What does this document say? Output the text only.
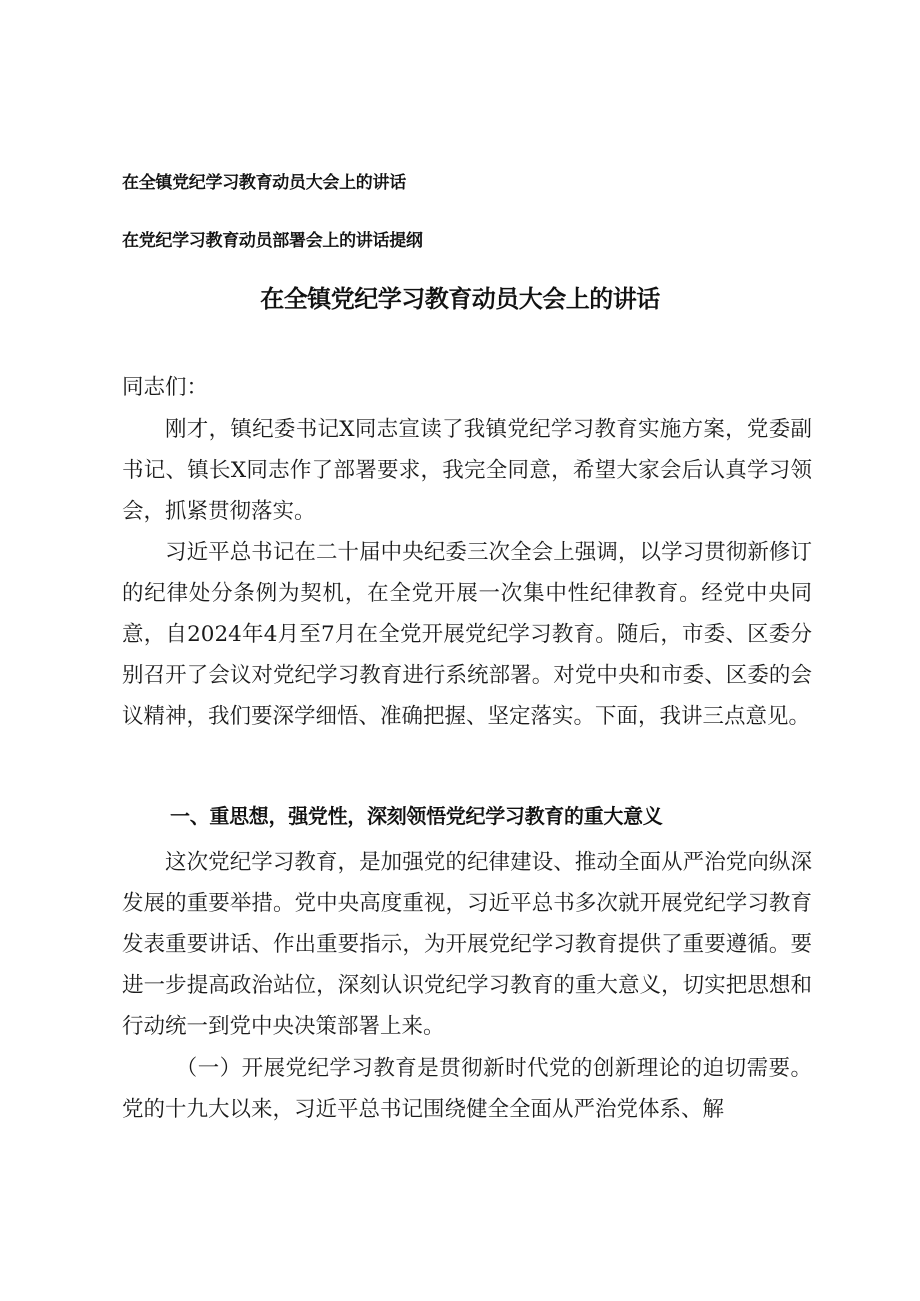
在全镇党纪学习教育动员大会上的讲话
在党纪学习教育动员部署会上的讲话提纲
在全镇党纪学习教育动员大会上的讲话

同志们：

刚才，镇纪委书记X同志宣读了我镇党纪学习教育实施方案，党委副书记、镇长X同志作了部署要求，我完全同意，希望大家会后认真学习领会，抓紧贯彻落实。

习近平总书记在二十届中央纪委三次全会上强调，以学习贯彻新修订的纪律处分条例为契机，在全党开展一次集中性纪律教育。经党中央同意，自2024年4月至7月在全党开展党纪学习教育。随后，市委、区委分别召开了会议对党纪学习教育进行系统部署。对党中央和市委、区委的会议精神，我们要深学细悟、准确把握、坚定落实。下面，我讲三点意见。

一、重思想，强党性，深刻领悟党纪学习教育的重大意义

这次党纪学习教育，是加强党的纪律建设、推动全面从严治党向纵深发展的重要举措。党中央高度重视，习近平总书多次就开展党纪学习教育发表重要讲话、作出重要指示，为开展党纪学习教育提供了重要遵循。要进一步提高政治站位，深刻认识党纪学习教育的重大意义，切实把思想和行动统一到党中央决策部署上来。

（一）开展党纪学习教育是贯彻新时代党的创新理论的迫切需要。党的十九大以来，习近平总书记围绕健全全面从严治党体系、解
